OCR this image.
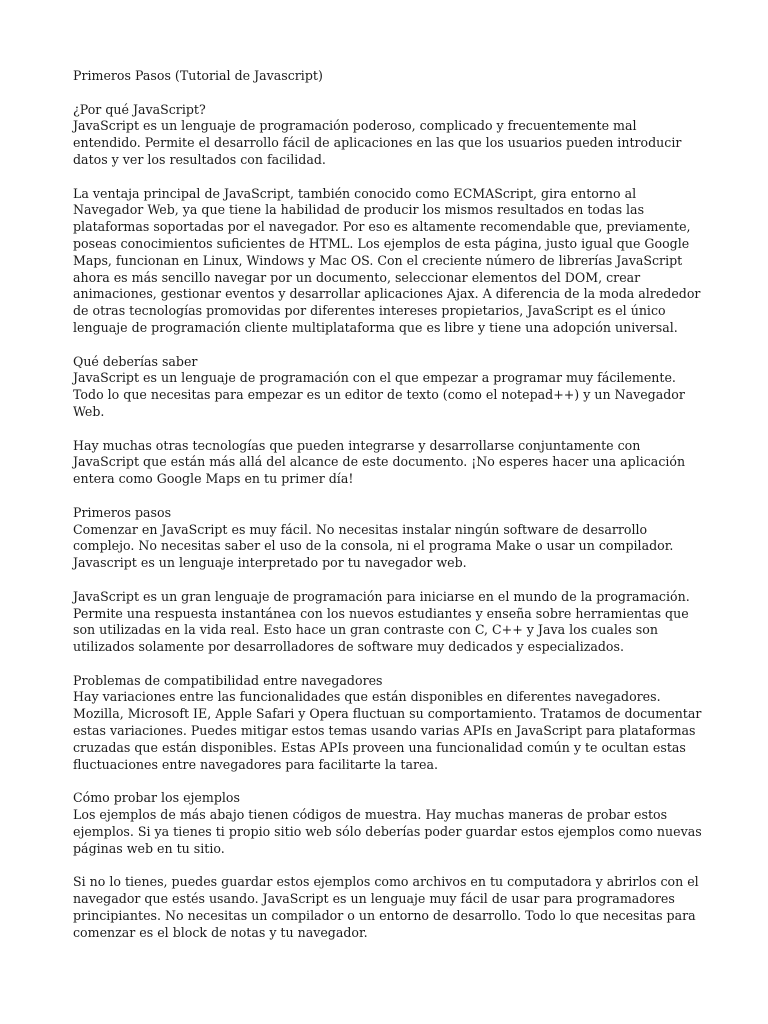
Primeros Pasos (Tutorial de Javascript)

¿Por qué JavaScript?
JavaScript es un lenguaje de programación poderoso, complicado y frecuentemente mal entendido. Permite el desarrollo fácil de aplicaciones en las que los usuarios pueden introducir datos y ver los resultados con facilidad.
La ventaja principal de JavaScript, también conocido como ECMAScript, gira entorno al Navegador Web, ya que tiene la habilidad de producir los mismos resultados en todas las plataformas soportadas por el navegador. Por eso es altamente recomendable que, previamente, poseas conocimientos suficientes de HTML. Los ejemplos de esta página, justo igual que Google Maps, funcionan en Linux, Windows y Mac OS. Con el creciente número de librerías JavaScript ahora es más sencillo navegar por un documento, seleccionar elementos del DOM, crear animaciones, gestionar eventos y desarrollar aplicaciones Ajax. A diferencia de la moda alrededor de otras tecnologías promovidas por diferentes intereses propietarios, JavaScript es el único lenguaje de programación cliente multiplataforma que es libre y tiene una adopción universal.
Qué deberías saber
JavaScript es un lenguaje de programación con el que empezar a programar muy fácilemente. Todo lo que necesitas para empezar es un editor de texto (como el notepad++) y un Navegador Web.
Hay muchas otras tecnologías que pueden integrarse y desarrollarse conjuntamente con JavaScript que están más allá del alcance de este documento. ¡No esperes hacer una aplicación entera como Google Maps en tu primer día!
Primeros pasos
Comenzar en JavaScript es muy fácil. No necesitas instalar ningún software de desarrollo complejo. No necesitas saber el uso de la consola, ni el programa Make o usar un compilador. Javascript es un lenguaje interpretado por tu navegador web.
JavaScript es un gran lenguaje de programación para iniciarse en el mundo de la programación. Permite una respuesta instantánea con los nuevos estudiantes y enseña sobre herramientas que son utilizadas en la vida real. Esto hace un gran contraste con C, C++ y Java los cuales son utilizados solamente por desarrolladores de software muy dedicados y especializados.
Problemas de compatibilidad entre navegadores
Hay variaciones entre las funcionalidades que están disponibles en diferentes navegadores. Mozilla, Microsoft IE, Apple Safari y Opera fluctuan su comportamiento. Tratamos de documentar estas variaciones. Puedes mitigar estos temas usando varias APIs en JavaScript para plataformas cruzadas que están disponibles. Estas APIs proveen una funcionalidad común y te ocultan estas fluctuaciones entre navegadores para facilitarte la tarea.
Cómo probar los ejemplos
Los ejemplos de más abajo tienen códigos de muestra. Hay muchas maneras de probar estos ejemplos. Si ya tienes ti propio sitio web sólo deberías poder guardar estos ejemplos como nuevas páginas web en tu sitio.
Si no lo tienes, puedes guardar estos ejemplos como archivos en tu computadora y abrirlos con el navegador que estés usando. JavaScript es un lenguaje muy fácil de usar para programadores principiantes. No necesitas un compilador o un entorno de desarrollo. Todo lo que necesitas para comenzar es el block de notas y tu navegador.
